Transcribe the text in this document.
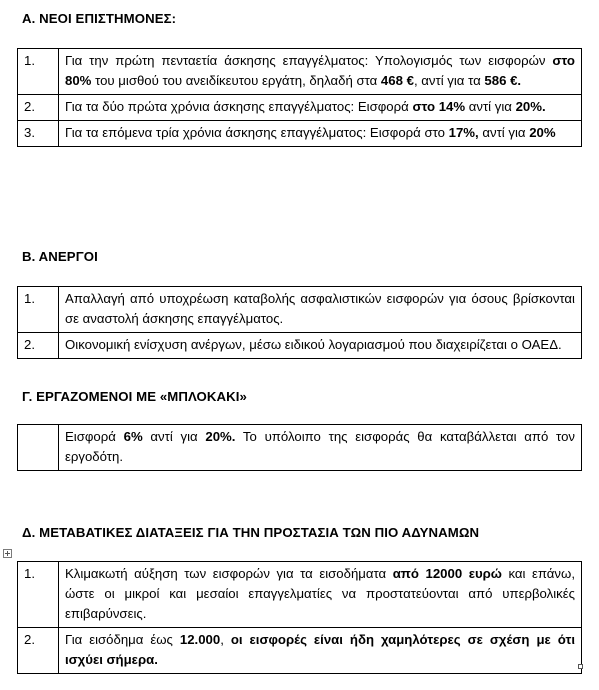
Α. ΝΕΟΙ ΕΠΙΣΤΗΜΟΝΕΣ:
1.	Για την πρώτη πενταετία άσκησης επαγγέλματος: Υπολογισμός των εισφορών στο 80% του μισθού του ανειδίκευτου εργάτη, δηλαδή στα 468 €, αντί για τα 586 €.
2.	Για τα δύο πρώτα χρόνια άσκησης επαγγέλματος: Εισφορά στο 14% αντί για 20%.
3.	Για τα επόμενα τρία χρόνια άσκησης επαγγέλματος: Εισφορά στο 17%, αντί για 20%
Β. ΑΝΕΡΓΟΙ
1.	Απαλλαγή από υποχρέωση καταβολής ασφαλιστικών εισφορών για όσους βρίσκονται σε αναστολή άσκησης επαγγέλματος.
2.	Οικονομική ενίσχυση ανέργων, μέσω ειδικού λογαριασμού που διαχειρίζεται ο ΟΑΕΔ.
Γ. ΕΡΓΑΖΟΜΕΝΟΙ ΜΕ «ΜΠΛΟΚΑΚΙ»
	Εισφορά 6% αντί για 20%. Το υπόλοιπο της εισφοράς θα καταβάλλεται από τον εργοδότη.
Δ. ΜΕΤΑΒΑΤΙΚΕΣ ΔΙΑΤΑΞΕΙΣ ΓΙΑ ΤΗΝ ΠΡΟΣΤΑΣΙΑ ΤΩΝ ΠΙΟ ΑΔΥΝΑΜΩΝ
1.	Κλιμακωτή αύξηση των εισφορών για τα εισοδήματα από 12000 ευρώ και επάνω, ώστε οι μικροί και μεσαίοι επαγγελματίες να προστατεύονται από υπερβολικές επιβαρύνσεις.
2.	Για εισόδημα έως 12.000, οι εισφορές είναι ήδη χαμηλότερες σε σχέση με ότι ισχύει σήμερα.
